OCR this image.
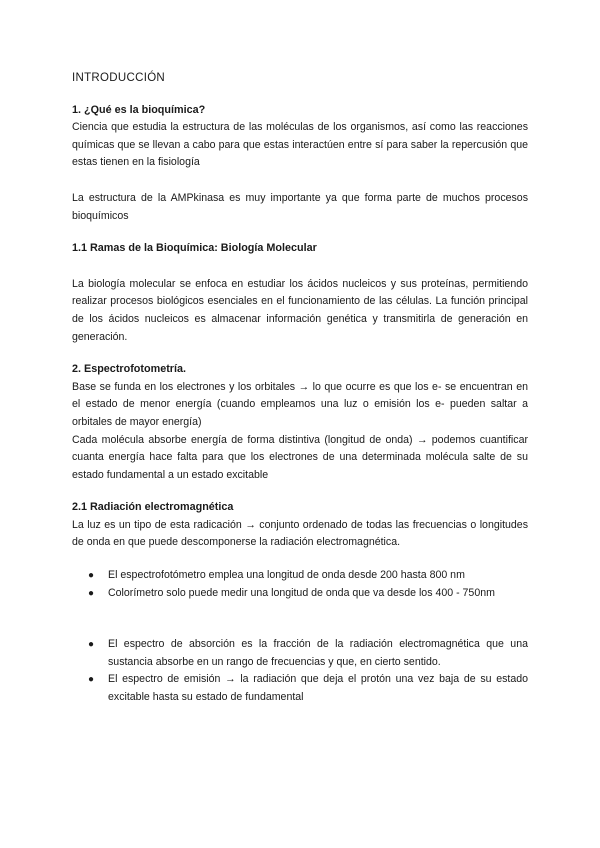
INTRODUCCIÓN
1. ¿Qué es la bioquímica?

Ciencia que estudia la estructura de las moléculas de los organismos, así como las reacciones químicas que se llevan a cabo para que estas interactúen entre sí para saber la repercusión que estas tienen en la fisiología

La estructura de la AMPkinasa es muy importante ya que forma parte de muchos procesos bioquímicos

1.1 Ramas de la Bioquímica: Biología Molecular

La biología molecular se enfoca en estudiar los ácidos nucleicos y sus proteínas, permitiendo realizar procesos biológicos esenciales en el funcionamiento de las células. La función principal de los ácidos nucleicos es almacenar información genética y transmitirla de generación en generación.

2. Espectrofotometría.

Base se funda en los electrones y los orbitales → lo que ocurre es que los e- se encuentran en el estado de menor energía (cuando empleamos una luz o emisión los e- pueden saltar a orbitales de mayor energía)

Cada molécula absorbe energía de forma distintiva (longitud de onda) → podemos cuantificar cuanta energía hace falta para que los electrones de una determinada molécula salte de su estado fundamental a un estado excitable

2.1 Radiación electromagnética

La luz es un tipo de esta radicación → conjunto ordenado de todas las frecuencias o longitudes de onda en que puede descomponerse la radiación electromagnética.

● El espectrofotómetro emplea una longitud de onda desde 200 hasta 800 nm
● Colorímetro solo puede medir una longitud de onda que va desde los 400 - 750nm
● El espectro de absorción es la fracción de la radiación electromagnética que una sustancia absorbe en un rango de frecuencias y que, en cierto sentido.
● El espectro de emisión → la radiación que deja el protón una vez baja de su estado excitable hasta su estado de fundamental
